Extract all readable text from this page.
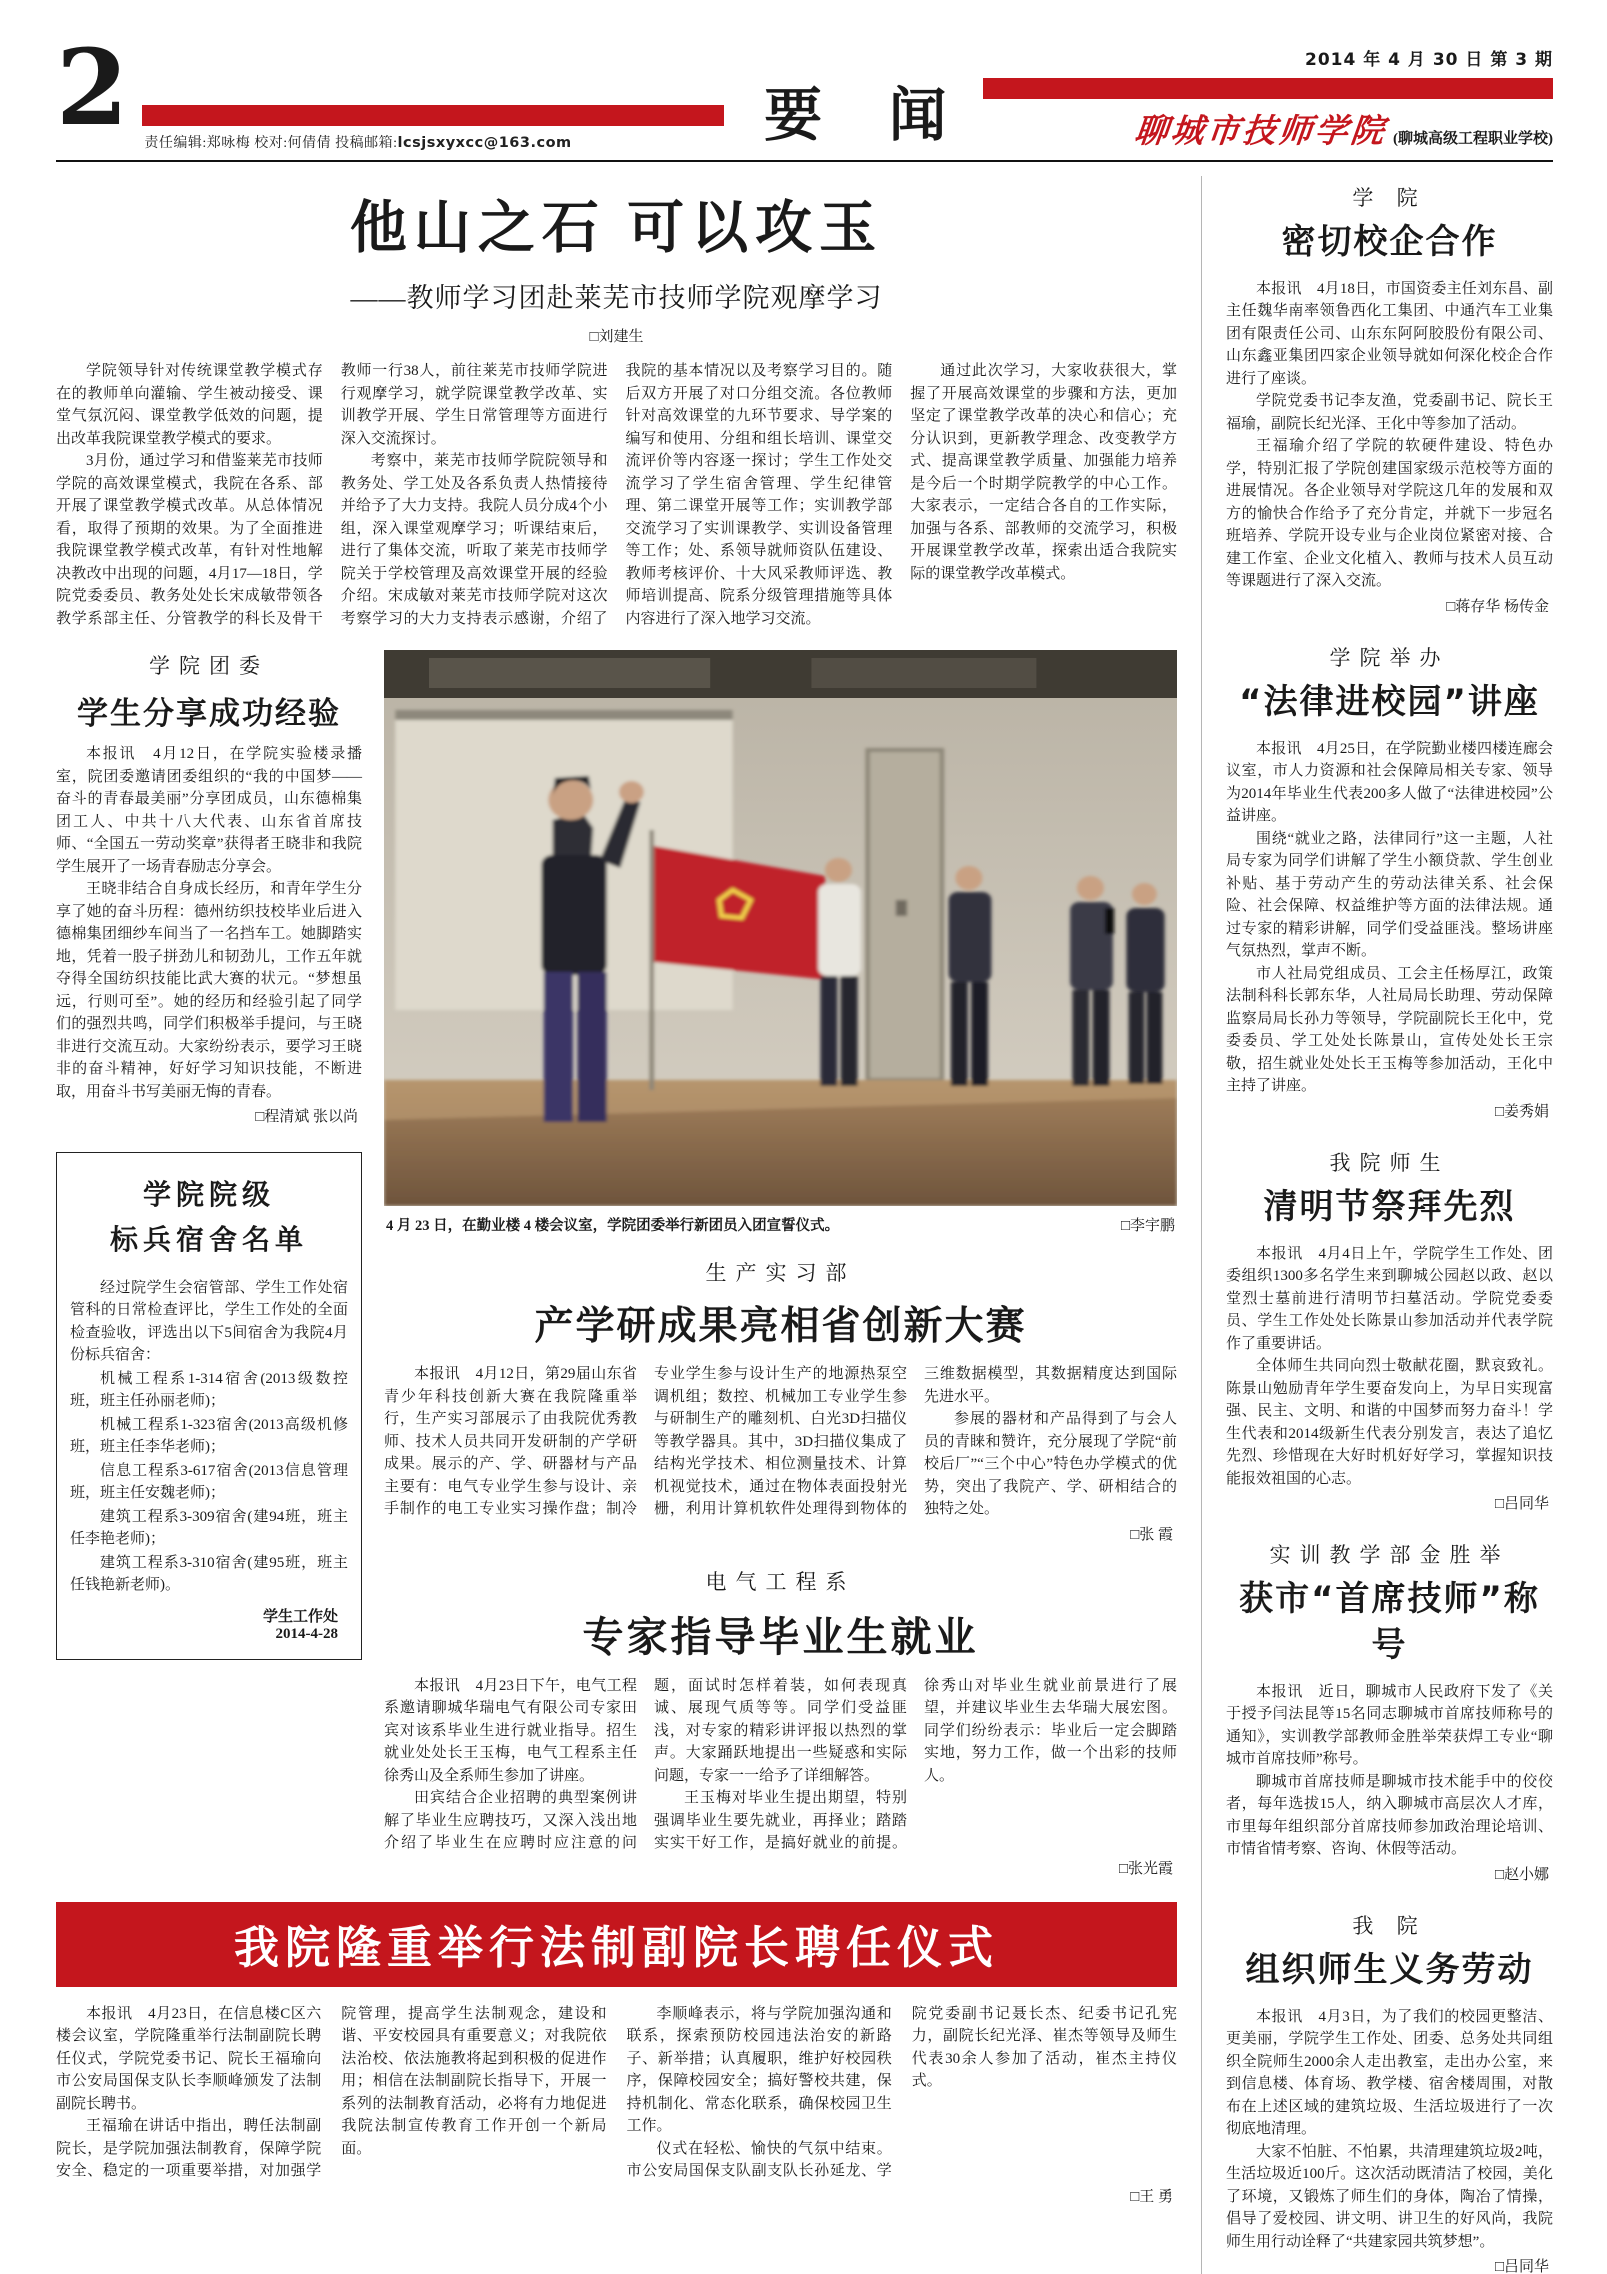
2	责任编辑:郑咏梅 校对:何倩倩 投稿邮箱:lcsjsxyxcc@163.com	要 闻
2014 年 4 月 30 日 第 3 期
聊城市技师学院 (聊城高级工程职业学校)
他山之石 可以攻玉
——教师学习团赴莱芜市技师学院观摩学习
□刘建生

学院领导针对传统课堂教学模式存在的教师单向灌输、学生被动接受、课堂气氛沉闷、课堂教学低效的问题，提出改革我院课堂教学模式的要求。

3月份，通过学习和借鉴莱芜市技师学院的高效课堂模式，我院在各系、部开展了课堂教学模式改革。从总体情况看，取得了预期的效果。为了全面推进我院课堂教学模式改革，有针对性地解决教改中出现的问题，4月17—18日，学院党委委员、教务处处长宋成敏带领各教学系部主任、分管教学的科长及骨干教师一行38人，前往莱芜市技师学院进行观摩学习，就学院课堂教学改革、实训教学开展、学生日常管理等方面进行深入交流探讨。

考察中，莱芜市技师学院院领导和教务处、学工处及各系负责人热情接待并给予了大力支持。我院人员分成4个小组，深入课堂观摩学习；听课结束后，进行了集体交流，听取了莱芜市技师学院关于学校管理及高效课堂开展的经验介绍。宋成敏对莱芜市技师学院对这次考察学习的大力支持表示感谢，介绍了我院的基本情况以及考察学习目的。随后双方开展了对口分组交流。各位教师针对高效课堂的九环节要求、导学案的编写和使用、分组和组长培训、课堂交流评价等内容逐一探讨；学生工作处交流学习了学生宿舍管理、学生纪律管理、第二课堂开展等工作；实训教学部交流学习了实训课教学、实训设备管理等工作；处、系领导就师资队伍建设、教师考核评价、十大风采教师评选、教师培训提高、院系分级管理措施等具体内容进行了深入地学习交流。

通过此次学习，大家收获很大，掌握了开展高效课堂的步骤和方法，更加坚定了课堂教学改革的决心和信心；充分认识到，更新教学理念、改变教学方式、提高课堂教学质量、加强能力培养是今后一个时期学院教学的中心工作。大家表示，一定结合各自的工作实际，加强与各系、部教师的交流学习，积极开展课堂教学改革，探索出适合我院实际的课堂教学改革模式。

学院团委
学生分享成功经验

本报讯　4月12日，在学院实验楼录播室，院团委邀请团委组织的“我的中国梦——奋斗的青春最美丽”分享团成员，山东德棉集团工人、中共十八大代表、山东省首席技师、“全国五一劳动奖章”获得者王晓非和我院学生展开了一场青春励志分享会。

王晓非结合自身成长经历，和青年学生分享了她的奋斗历程：德州纺织技校毕业后进入德棉集团细纱车间当了一名挡车工。她脚踏实地，凭着一股子拼劲儿和韧劲儿，工作五年就夺得全国纺织技能比武大赛的状元。“梦想虽远，行则可至”。她的经历和经验引起了同学们的强烈共鸣，同学们积极举手提问，与王晓非进行交流互动。大家纷纷表示，要学习王晓非的奋斗精神，好好学习知识技能，不断进取，用奋斗书写美丽无悔的青春。

□程清斌 张以尚
学院院级
标兵宿舍名单

经过院学生会宿管部、学生工作处宿管科的日常检查评比，学生工作处的全面检查验收，评选出以下5间宿舍为我院4月份标兵宿舍：

机械工程系1-314宿舍(2013级数控班，班主任孙丽老师)；

机械工程系1-323宿舍(2013高级机修班，班主任李华老师)；

信息工程系3-617宿舍(2013信息管理班，班主任安魏老师)；

建筑工程系3-309宿舍(建94班，班主任李艳老师)；

建筑工程系3-310宿舍(建95班，班主任钱艳新老师)。

学生工作处
2014-4-28
4 月 23 日，在勤业楼 4 楼会议室，学院团委举行新团员入团宣誓仪式。	□李宇鹏
生产实习部
产学研成果亮相省创新大赛

本报讯　4月12日，第29届山东省青少年科技创新大赛在我院隆重举行，生产实习部展示了由我院优秀教师、技术人员共同开发研制的产学研成果。展示的产、学、研器材与产品主要有：电气专业学生参与设计、亲手制作的电工专业实习操作盘；制冷专业学生参与设计生产的地源热泵空调机组；数控、机械加工专业学生参与研制生产的雕刻机、白光3D扫描仪等教学器具。其中，3D扫描仪集成了结构光学技术、相位测量技术、计算机视觉技术，通过在物体表面投射光栅，利用计算机软件处理得到物体的三维数据模型，其数据精度达到国际先进水平。

参展的器材和产品得到了与会人员的青睐和赞许，充分展现了学院“前校后厂”“三个中心”特色办学模式的优势，突出了我院产、学、研相结合的独特之处。

□张 霞
电气工程系
专家指导毕业生就业

本报讯　4月23日下午，电气工程系邀请聊城华瑞电气有限公司专家田宾对该系毕业生进行就业指导。招生就业处处长王玉梅，电气工程系主任徐秀山及全系师生参加了讲座。

田宾结合企业招聘的典型案例讲解了毕业生应聘技巧，又深入浅出地介绍了毕业生在应聘时应注意的问题，面试时怎样着装，如何表现真诚、展现气质等等。同学们受益匪浅，对专家的精彩讲评报以热烈的掌声。大家踊跃地提出一些疑惑和实际问题，专家一一给予了详细解答。

王玉梅对毕业生提出期望，特别强调毕业生要先就业，再择业；踏踏实实干好工作，是搞好就业的前提。徐秀山对毕业生就业前景进行了展望，并建议毕业生去华瑞大展宏图。同学们纷纷表示：毕业后一定会脚踏实地，努力工作，做一个出彩的技师人。

□张光霞
我院隆重举行法制副院长聘任仪式

本报讯　4月23日，在信息楼C区六楼会议室，学院隆重举行法制副院长聘任仪式，学院党委书记、院长王福瑜向市公安局国保支队长李顺峰颁发了法制副院长聘书。

王福瑜在讲话中指出，聘任法制副院长，是学院加强法制教育，保障学院安全、稳定的一项重要举措，对加强学院管理，提高学生法制观念，建设和谐、平安校园具有重要意义；对我院依法治校、依法施教将起到积极的促进作用；相信在法制副院长指导下，开展一系列的法制教育活动，必将有力地促进我院法制宣传教育工作开创一个新局面。

李顺峰表示，将与学院加强沟通和联系，探索预防校园违法治安的新路子、新举措；认真履职，维护好校园秩序，保障校园安全；搞好警校共建，保持机制化、常态化联系，确保校园卫生工作。

仪式在轻松、愉快的气氛中结束。市公安局国保支队副支队长孙延龙、学院党委副书记聂长杰、纪委书记孔宪力，副院长纪光泽、崔杰等领导及师生代表30余人参加了活动，崔杰主持仪式。

□王 勇
学 院
密切校企合作

本报讯　4月18日，市国资委主任刘东昌、副主任魏华南率领鲁西化工集团、中通汽车工业集团有限责任公司、山东东阿阿胶股份有限公司、山东鑫亚集团四家企业领导就如何深化校企合作进行了座谈。

学院党委书记李友渔，党委副书记、院长王福瑜，副院长纪光泽、王化中等参加了活动。

王福瑜介绍了学院的软硬件建设、特色办学，特别汇报了学院创建国家级示范校等方面的进展情况。各企业领导对学院这几年的发展和双方的愉快合作给予了充分肯定，并就下一步冠名班培养、学院开设专业与企业岗位紧密对接、合建工作室、企业文化植入、教师与技术人员互动等课题进行了深入交流。

□蒋存华 杨传金
学院举办
“法律进校园”讲座

本报讯　4月25日，在学院勤业楼四楼连廊会议室，市人力资源和社会保障局相关专家、领导为2014年毕业生代表200多人做了“法律进校园”公益讲座。

围绕“就业之路，法律同行”这一主题，人社局专家为同学们讲解了学生小额贷款、学生创业补贴、基于劳动产生的劳动法律关系、社会保险、社会保障、权益维护等方面的法律法规。通过专家的精彩讲解，同学们受益匪浅。整场讲座气氛热烈，掌声不断。

市人社局党组成员、工会主任杨厚江，政策法制科科长郭东华，人社局局长助理、劳动保障监察局局长孙力等领导，学院副院长王化中，党委委员、学工处处长陈景山，宣传处处长王宗敬，招生就业处处长王玉梅等参加活动，王化中主持了讲座。

□姜秀娟
我院师生
清明节祭拜先烈

本报讯　4月4日上午，学院学生工作处、团委组织1300多名学生来到聊城公园赵以政、赵以堂烈士墓前进行清明节扫墓活动。学院党委委员、学生工作处处长陈景山参加活动并代表学院作了重要讲话。

全体师生共同向烈士敬献花圈，默哀致礼。陈景山勉励青年学生要奋发向上，为早日实现富强、民主、文明、和谐的中国梦而努力奋斗！学生代表和2014级新生代表分别发言，表达了追忆先烈、珍惜现在大好时机好好学习，掌握知识技能报效祖国的心志。

□吕同华
实训教学部金胜举
获市“首席技师”称号

本报讯　近日，聊城市人民政府下发了《关于授予闫法昆等15名同志聊城市首席技师称号的通知》，实训教学部教师金胜举荣获焊工专业“聊城市首席技师”称号。

聊城市首席技师是聊城市技术能手中的佼佼者，每年选拔15人，纳入聊城市高层次人才库，市里每年组织部分首席技师参加政治理论培训、市情省情考察、咨询、休假等活动。

□赵小娜
我 院
组织师生义务劳动

本报讯　4月3日，为了我们的校园更整洁、更美丽，学院学生工作处、团委、总务处共同组织全院师生2000余人走出教室，走出办公室，来到信息楼、体育场、教学楼、宿舍楼周围，对散布在上述区域的建筑垃圾、生活垃圾进行了一次彻底地清理。

大家不怕脏、不怕累，共清理建筑垃圾2吨，生活垃圾近100斤。这次活动既清洁了校园，美化了环境，又锻炼了师生们的身体，陶冶了情操，倡导了爱校园、讲文明、讲卫生的好风尚，我院师生用行动诠释了“共建家园共筑梦想”。

□吕同华
